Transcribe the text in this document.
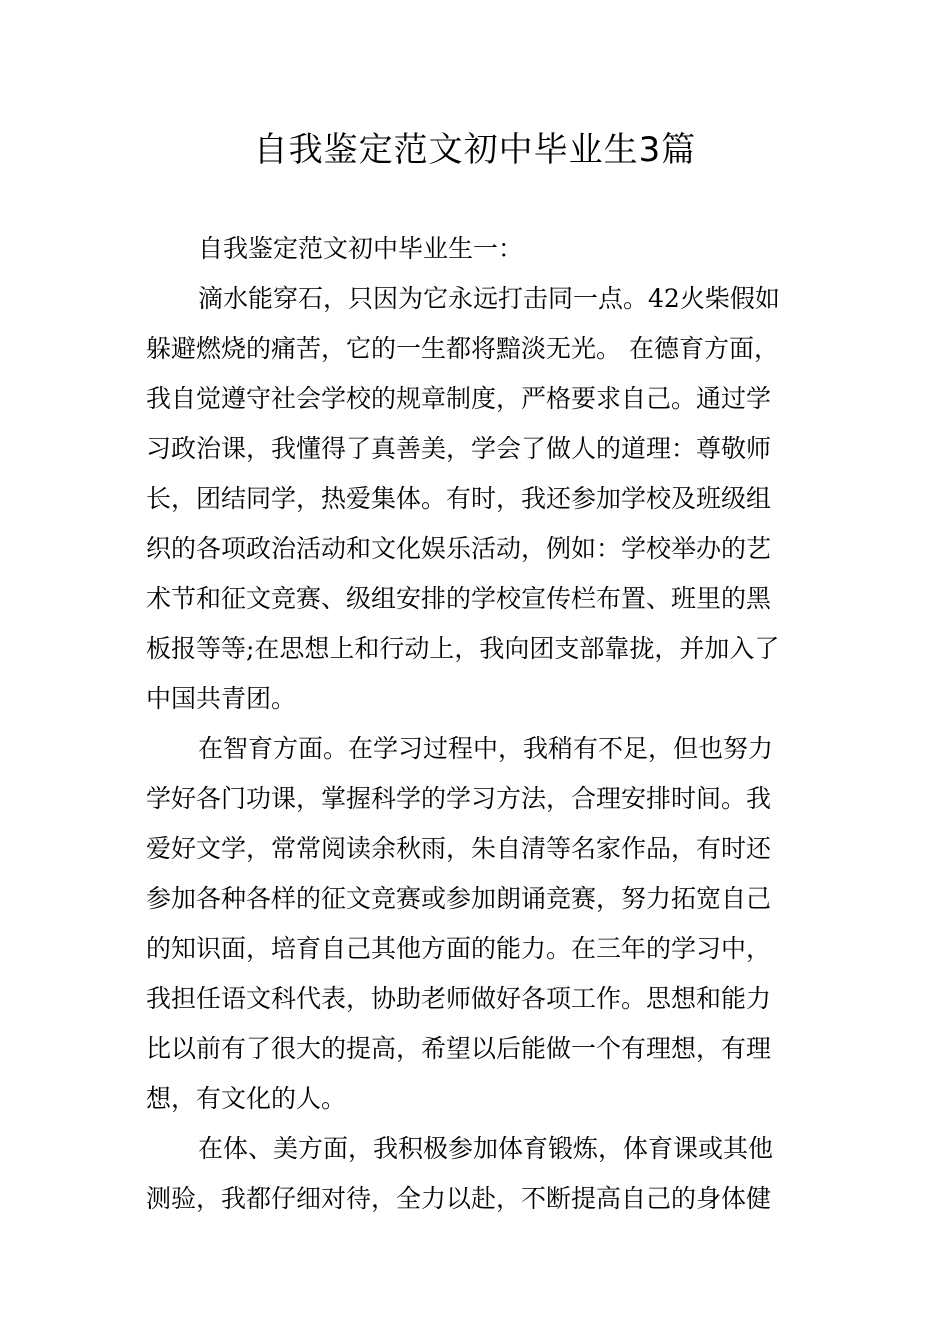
自我鉴定范文初中毕业生3篇
自我鉴定范文初中毕业生一：
滴水能穿石，只因为它永远打击同一点。42火柴假如
躲避燃烧的痛苦，它的一生都将黯淡无光。 在德育方面，
我自觉遵守社会学校的规章制度，严格要求自己。通过学
习政治课，我懂得了真善美，学会了做人的道理：尊敬师
长，团结同学，热爱集体。有时，我还参加学校及班级组
织的各项政治活动和文化娱乐活动，例如：学校举办的艺
术节和征文竞赛、级组安排的学校宣传栏布置、班里的黑
板报等等;在思想上和行动上，我向团支部靠拢，并加入了
中国共青团。
在智育方面。在学习过程中，我稍有不足，但也努力
学好各门功课，掌握科学的学习方法，合理安排时间。我
爱好文学，常常阅读余秋雨，朱自清等名家作品，有时还
参加各种各样的征文竞赛或参加朗诵竞赛，努力拓宽自己
的知识面，培育自己其他方面的能力。在三年的学习中，
我担任语文科代表，协助老师做好各项工作。思想和能力
比以前有了很大的提高，希望以后能做一个有理想，有理
想，有文化的人。
在体、美方面，我积极参加体育锻炼，体育课或其他
测验，我都仔细对待，全力以赴，不断提高自己的身体健
